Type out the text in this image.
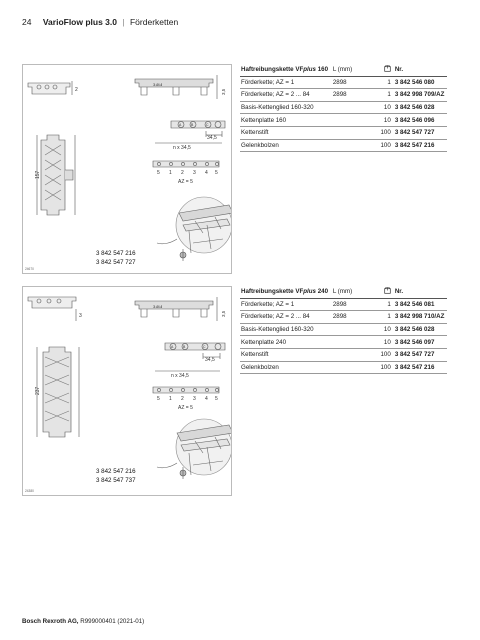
24 VarioFlow plus 3.0 | Förderketten
2
3Ⅎ4Ⅎ
3,5
A	B	C
34,5
n x 34,5
5 1 2 3 4 5
AZ = 5
157
3 842 547 216
3 842 547 727
24670
3
3Ⅎ4Ⅎ
3,5
A	B	C
34,5
n x 34,5
5 1 2 3 4 5
AZ = 5
237
3 842 547 216
3 842 547 737
24380
Haftreibungskette VFplus 160	L (mm)		Nr.
Förderkette; AZ = 1	2898	1	3 842 546 080
Förderkette; AZ = 2 ... 84	2898	1	3 842 998 709/AZ
Basis-Kettenglied 160-320		10	3 842 546 028
Kettenplatte 160		10	3 842 546 096
Kettenstift		100	3 842 547 727
Gelenkbolzen		100	3 842 547 216
Haftreibungskette VFplus 240	L (mm)		Nr.
Förderkette; AZ = 1	2898	1	3 842 546 081
Förderkette; AZ = 2 ... 84	2898	1	3 842 998 710/AZ
Basis-Kettenglied 160-320		10	3 842 546 028
Kettenplatte 240		10	3 842 546 097
Kettenstift		100	3 842 547 727
Gelenkbolzen		100	3 842 547 216
Bosch Rexroth AG, R999000401 (2021-01)
